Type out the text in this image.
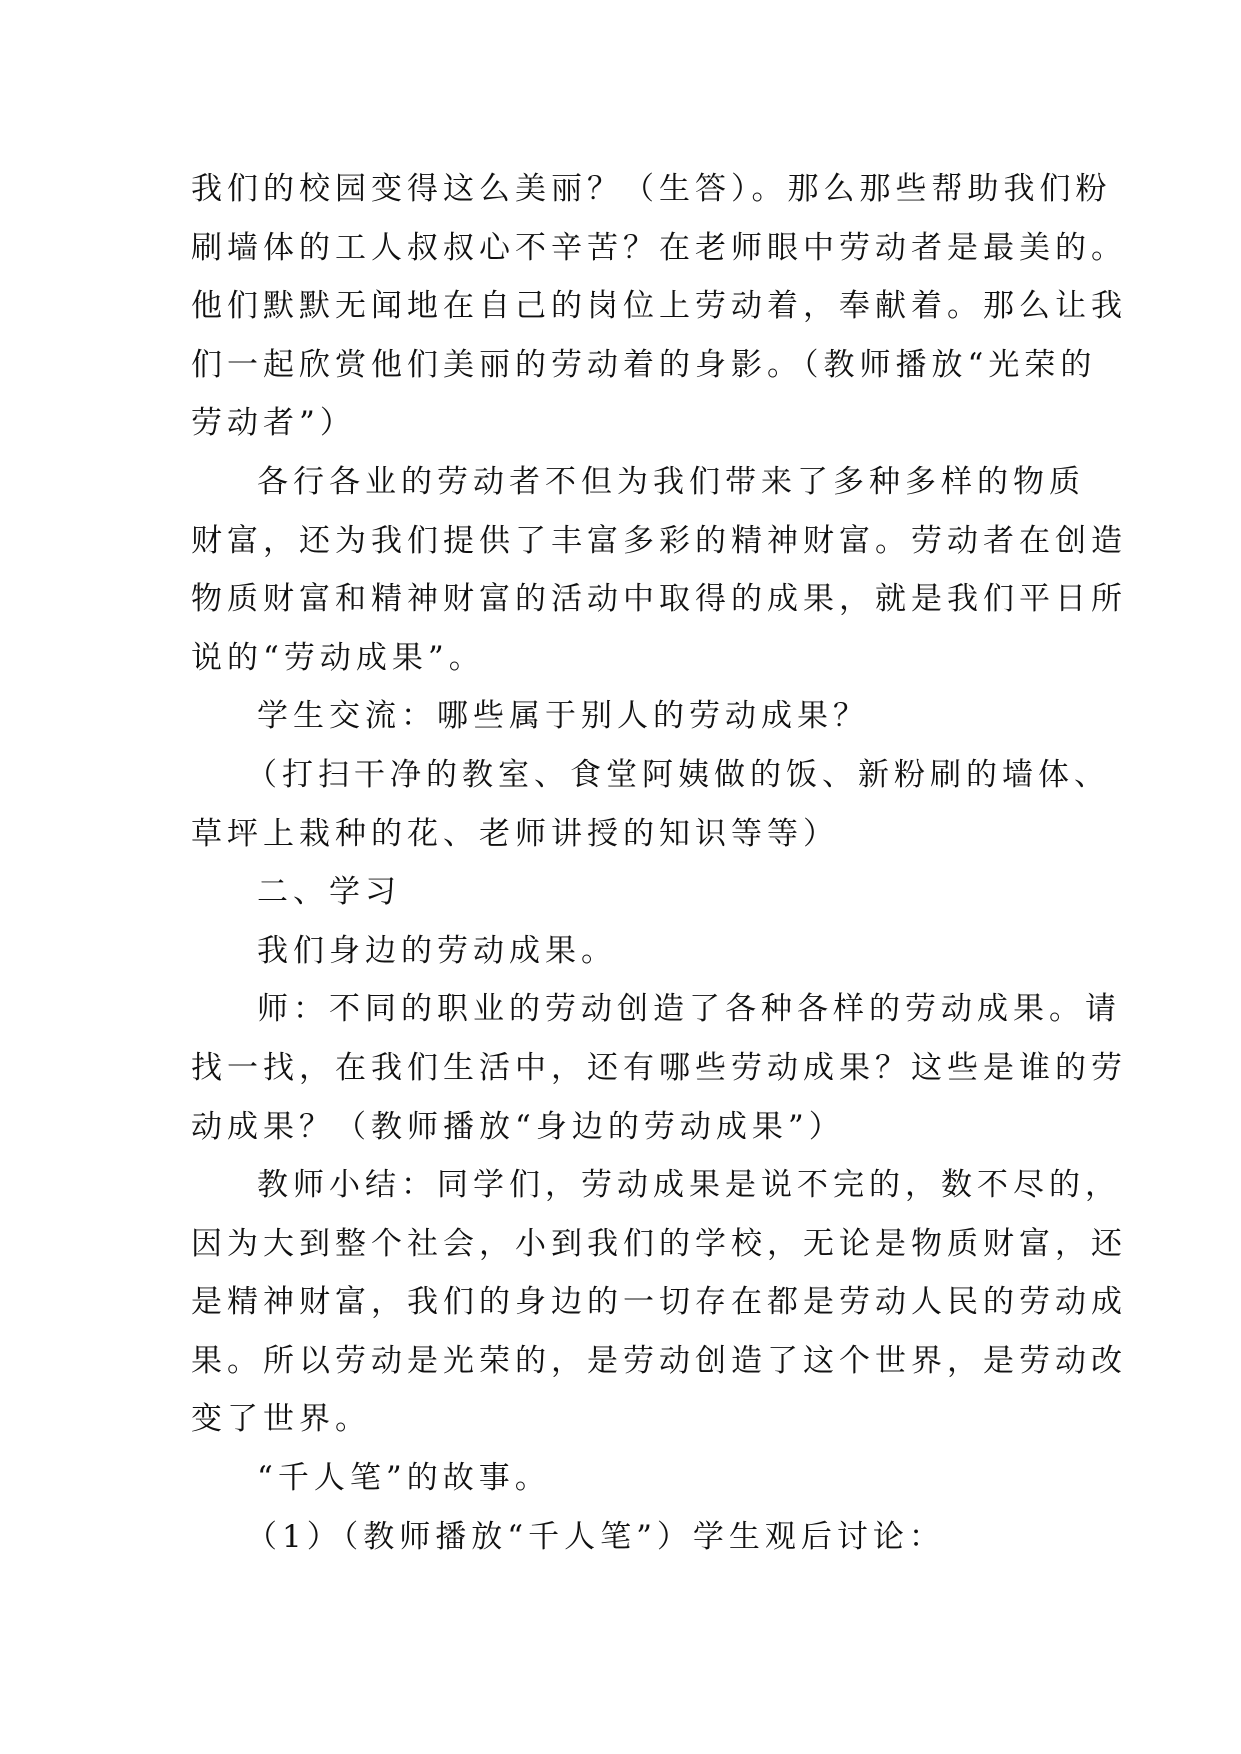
我们的校园变得这么美丽？（生答）。那么那些帮助我们粉
刷墙体的工人叔叔心不辛苦？在老师眼中劳动者是最美的。
他们默默无闻地在自己的岗位上劳动着，奉献着。那么让我
们一起欣赏他们美丽的劳动着的身影。（教师播放“光荣的
劳动者”）
各行各业的劳动者不但为我们带来了多种多样的物质
财富，还为我们提供了丰富多彩的精神财富。劳动者在创造
物质财富和精神财富的活动中取得的成果，就是我们平日所
说的“劳动成果”。
学生交流：哪些属于别人的劳动成果？
（打扫干净的教室、食堂阿姨做的饭、新粉刷的墙体、
草坪上栽种的花、老师讲授的知识等等）
二、学习
我们身边的劳动成果。
师：不同的职业的劳动创造了各种各样的劳动成果。请
找一找，在我们生活中，还有哪些劳动成果？这些是谁的劳
动成果？（教师播放“身边的劳动成果”）
教师小结：同学们，劳动成果是说不完的，数不尽的，
因为大到整个社会，小到我们的学校，无论是物质财富，还
是精神财富，我们的身边的一切存在都是劳动人民的劳动成
果。所以劳动是光荣的，是劳动创造了这个世界，是劳动改
变了世界。
“千人笔”的故事。
（1）（教师播放“千人笔”）学生观后讨论：
